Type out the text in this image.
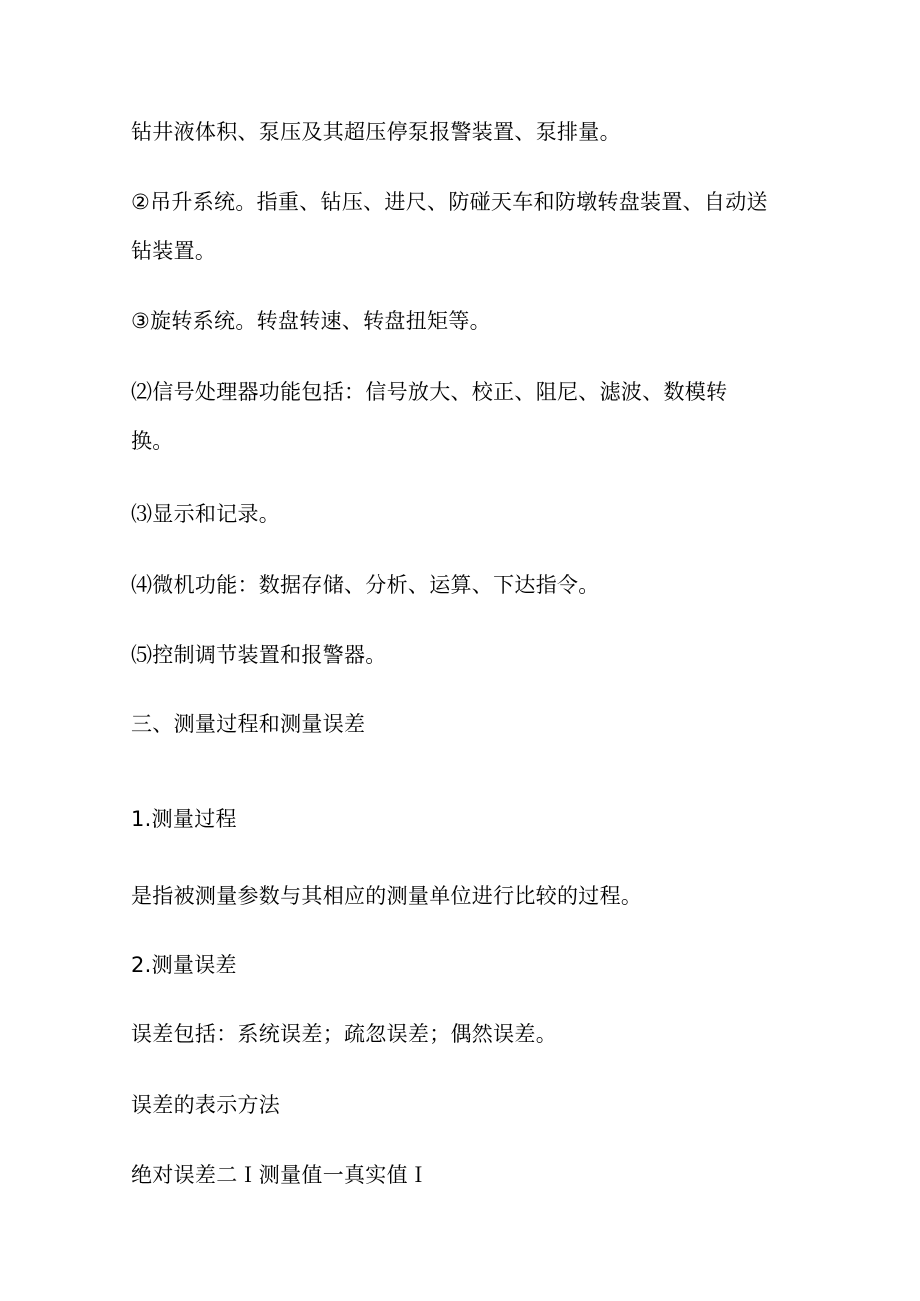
钻井液体积、泵压及其超压停泵报警装置、泵排量。
②吊升系统。指重、钻压、进尺、防碰天车和防墩转盘装置、自动送
钻装置。
③旋转系统。转盘转速、转盘扭矩等。
⑵信号处理器功能包括：信号放大、校正、阻尼、滤波、数模转
换。
⑶显示和记录。
⑷微机功能：数据存储、分析、运算、下达指令。
⑸控制调节装置和报警器。
三、测量过程和测量误差
1.测量过程
是指被测量参数与其相应的测量单位进行比较的过程。
2.测量误差
误差包括：系统误差；疏忽误差；偶然误差。
误差的表示方法
绝对误差二Ｉ测量值一真实值Ｉ
